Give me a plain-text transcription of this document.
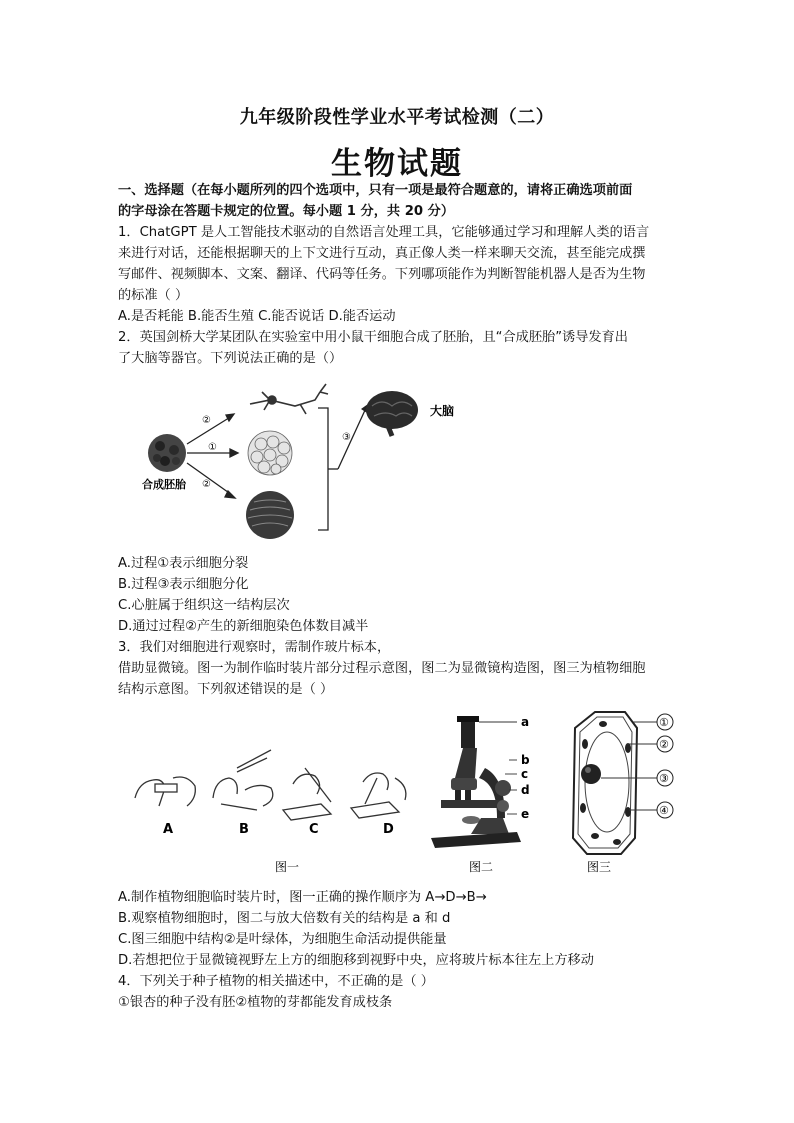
九年级阶段性学业水平考试检测（二）
生物试题
一、选择题（在每小题所列的四个选项中，只有一项是最符合题意的，请将正确选项前面
的字母涂在答题卡规定的位置。每小题 1 分，共 20 分）
1．ChatGPT 是人工智能技术驱动的自然语言处理工具，它能够通过学习和理解人类的语言
来进行对话，还能根据聊天的上下文进行互动，真正像人类一样来聊天交流，甚至能完成撰
写邮件、视频脚本、文案、翻译、代码等任务。下列哪项能作为判断智能机器人是否为生物
的标准（ ）
A.是否耗能 B.能否生殖 C.能否说话 D.能否运动
2．英国剑桥大学某团队在实验室中用小鼠干细胞合成了胚胎，且“合成胚胎”诱导发育出
了大脑等器官。下列说法正确的是（）
合成胚胎
②
①
②
③
大脑
A.过程①表示细胞分裂
B.过程③表示细胞分化
C.心脏属于组织这一结构层次
D.通过过程②产生的新细胞染色体数目减半
3．我们对细胞进行观察时，需制作玻片标本，
借助显微镜。图一为制作临时装片部分过程示意图，图二为显微镜构造图，图三为植物细胞
结构示意图。下列叙述错误的是（ ）
A	B	C	D
图一
a
b
c
d
e
图二
①
②
③
④
图三
A.制作植物细胞临时装片时，图一正确的操作顺序为 A→D→B→
B.观察植物细胞时，图二与放大倍数有关的结构是 a 和 d
C.图三细胞中结构②是叶绿体，为细胞生命活动提供能量
D.若想把位于显微镜视野左上方的细胞移到视野中央，应将玻片标本往左上方移动
4．下列关于种子植物的相关描述中，不正确的是（ ）
①银杏的种子没有胚②植物的芽都能发育成枝条
